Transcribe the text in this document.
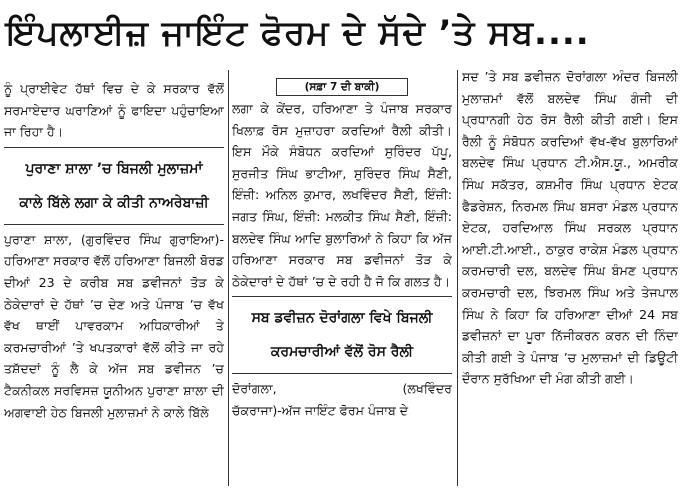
ਇੰਪਲਾਈਜ਼ ਜਾਇੰਟ ਫੋਰਮ ਦੇ ਸੱਦੇ ’ਤੇ ਸਬ....

ਨੂੰ ਪ੍ਰਾਈਵੇਟ ਹੱਥਾਂ ਵਿਚ ਦੇ ਕੇ ਸਰਕਾਰ ਵੱਲੋਂ ਸਰਮਾਏਦਾਰ ਘਰਾਣਿਆਂ ਨੂੰ ਫਾਇਦਾ ਪਹੁੰਚਾਇਆ ਜਾ ਰਿਹਾ ਹੈ।

ਪੁਰਾਣਾ ਸ਼ਾਲਾ ’ਚ ਬਿਜਲੀ ਮੁਲਾਜ਼ਮਾਂ
ਕਾਲੇ ਬਿੱਲੇ ਲਗਾ ਕੇ ਕੀਤੀ ਨਾਅਰੇਬਾਜ਼ੀ

ਪੁਰਾਣਾ ਸ਼ਾਲਾ, (ਗੁਰਵਿੰਦਰ ਸਿੰਘ ਗੁਰਾਇਆ)-ਹਰਿਆਣਾ ਸਰਕਾਰ ਵੱਲੋਂ ਹਰਿਆਣਾ ਬਿਜਲੀ ਬੋਰਡ ਦੀਆਂ 23 ਦੇ ਕਰੀਬ ਸਬ ਡਵੀਜਨਾਂ ਤੋੜ ਕੇ ਠੇਕੇਦਾਰਾਂ ਦੇ ਹੱਥਾਂ ’ਚ ਦੇਣ ਅਤੇ ਪੰਜਾਬ ’ਚ ਵੱਖ ਵੱਖ ਥਾਈਂ ਪਾਵਰਕਾਮ ਅਧਿਕਾਰੀਆਂ ਤੇ ਕਰਮਚਾਰੀਆਂ ’ਤੇ ਖਪਤਕਾਰਾਂ ਵੱਲੋਂ ਕੀਤੇ ਜਾ ਰਹੇ ਤਸ਼ੱਦਦਾਂ ਨੂੰ ਲੈ ਕੇ ਅੱਜ ਸਬ ਡਵੀਜਨ ’ਚ ਟੈਕਨੀਕਲ ਸਰਵਿਸਜ਼ ਯੂਨੀਅਨ ਪੁਰਾਣਾ ਸ਼ਾਲਾ ਦੀ ਅਗਵਾਈ ਹੇਠ ਬਿਜਲੀ ਮੁਲਾਜ਼ਮਾਂ ਨੇ ਕਾਲੇ ਬਿੱਲੇ

(ਸਫ਼ਾ 7 ਦੀ ਬਾਕੀ)

ਲਗਾ ਕੇ ਕੇਂਦਰ, ਹਰਿਆਣਾ ਤੇ ਪੰਜਾਬ ਸਰਕਾਰ ਖਿਲਾਫ਼ ਰੋਸ ਮੁਜ਼ਾਹਰਾ ਕਰਦਿਆਂ ਰੈਲੀ ਕੀਤੀ। ਇਸ ਮੌਕੇ ਸੰਬੋਧਨ ਕਰਦਿਆਂ ਸੁਰਿੰਦਰ ਪੱਪੂ, ਸੁਰਜੀਤ ਸਿੰਘ ਭਾਟੀਆ, ਸੁਰਿੰਦਰ ਸਿੰਘ ਸੈਣੀ, ਇੰਜ਼ੀ: ਅਨਿਲ ਕੁਮਾਰ, ਲਖਵਿੰਦਰ ਸੈਣੀ, ਇੰਜ਼ੀ: ਜਗਤ ਸਿੰਘ, ਇੰਜ਼ੀ: ਮਲਕੀਤ ਸਿੰਘ ਸੈਣੀ, ਇੰਜ਼ੀ: ਬਲਦੇਵ ਸਿੰਘ ਆਦਿ ਬੁਲਾਰਿਆਂ ਨੇ ਕਿਹਾ ਕਿ ਅੱਜ ਹਰਿਆਣਾ ਸਰਕਾਰ ਸਬ ਡਵੀਜਨਾਂ ਤੋੜ ਕੇ ਠੇਕੇਦਾਰਾਂ ਦੇ ਹੱਥਾਂ ’ਚ ਦੇ ਰਹੀ ਹੈ ਜੋ ਕਿ ਗਲਤ ਹੈ।

ਸਬ ਡਵੀਜ਼ਨ ਦੋਰਾਂਗਲਾ ਵਿਖੇ ਬਿਜਲੀ
ਕਰਮਚਾਰੀਆਂ ਵੱਲੋਂ ਰੋਸ ਰੈਲੀ
ਦੋਰਾਂਗਲਾ,	(ਲਖਵਿੰਦਰ

ਚੱਕਰਾਜਾ)-ਅੱਜ ਜਾਇੰਟ ਫੋਰਮ ਪੰਜਾਬ ਦੇ

ਸਦ ’ਤੇ ਸਬ ਡਵੀਜ਼ਨ ਦੋਰਾਂਗਲਾ ਅੰਦਰ ਬਿਜਲੀ ਮੁਲਾਜ਼ਮਾਂ ਵੱਲੋਂ ਬਲਦੇਵ ਸਿੰਘ ਗੰਜੀ ਦੀ ਪ੍ਰਧਾਨਗੀ ਹੇਠ ਰੋਸ ਰੈਲੀ ਕੀਤੀ ਗਈ। ਇਸ ਰੈਲੀ ਨੂੰ ਸੰਬੋਧਨ ਕਰਦਿਆਂ ਵੱਖ-ਵੱਖ ਬੁਲਾਰਿਆਂ ਬਲਦੇਵ ਸਿੰਘ ਪ੍ਰਧਾਨ ਟੀ.ਐਸ.ਯੂ., ਅਮਰੀਕ ਸਿੰਘ ਸਕੱਤਰ, ਕਸ਼ਮੀਰ ਸਿੰਘ ਪ੍ਰਧਾਨ ਏਟਕ ਫੈਡਰੇਸ਼ਨ, ਨਿਰਮਲ ਸਿੰਘ ਬਸਰਾ ਮੰਡਲ ਪ੍ਰਧਾਨ ਏਟਕ, ਹਰਦਿਆਲ ਸਿੰਘ ਸਰਕਲ ਪ੍ਰਧਾਨ ਆਈ.ਟੀ.ਆਈ., ਠਾਕੁਰ ਰਾਕੇਸ਼ ਮੰਡਲ ਪ੍ਰਧਾਨ ਕਰਮਚਾਰੀ ਦਲ, ਬਲਦੇਵ ਸਿੰਘ ਬੰਮਣ ਪ੍ਰਧਾਨ ਕਰਮਚਾਰੀ ਦਲ, ਝਿਰਮਲ ਸਿੰਘ ਅਤੇ ਤੇਜਪਾਲ ਸਿੰਘ ਨੇ ਕਿਹਾ ਕਿ ਹਰਿਆਣਾ ਦੀਆਂ 24 ਸਬ ਡਵੀਜ਼ਨਾਂ ਦਾ ਪੂਰਾ ਨਿੱਜੀਕਰਨ ਕਰਨ ਦੀ ਨਿੰਦਾ ਕੀਤੀ ਗਈ ਤੇ ਪੰਜਾਬ ’ਚ ਮੁਲਾਜ਼ਮਾਂ ਦੀ ਡਿਊਟੀ ਦੌਰਾਨ ਸੁਰੱਖਿਆ ਦੀ ਮੰਗ ਕੀਤੀ ਗਈ।
